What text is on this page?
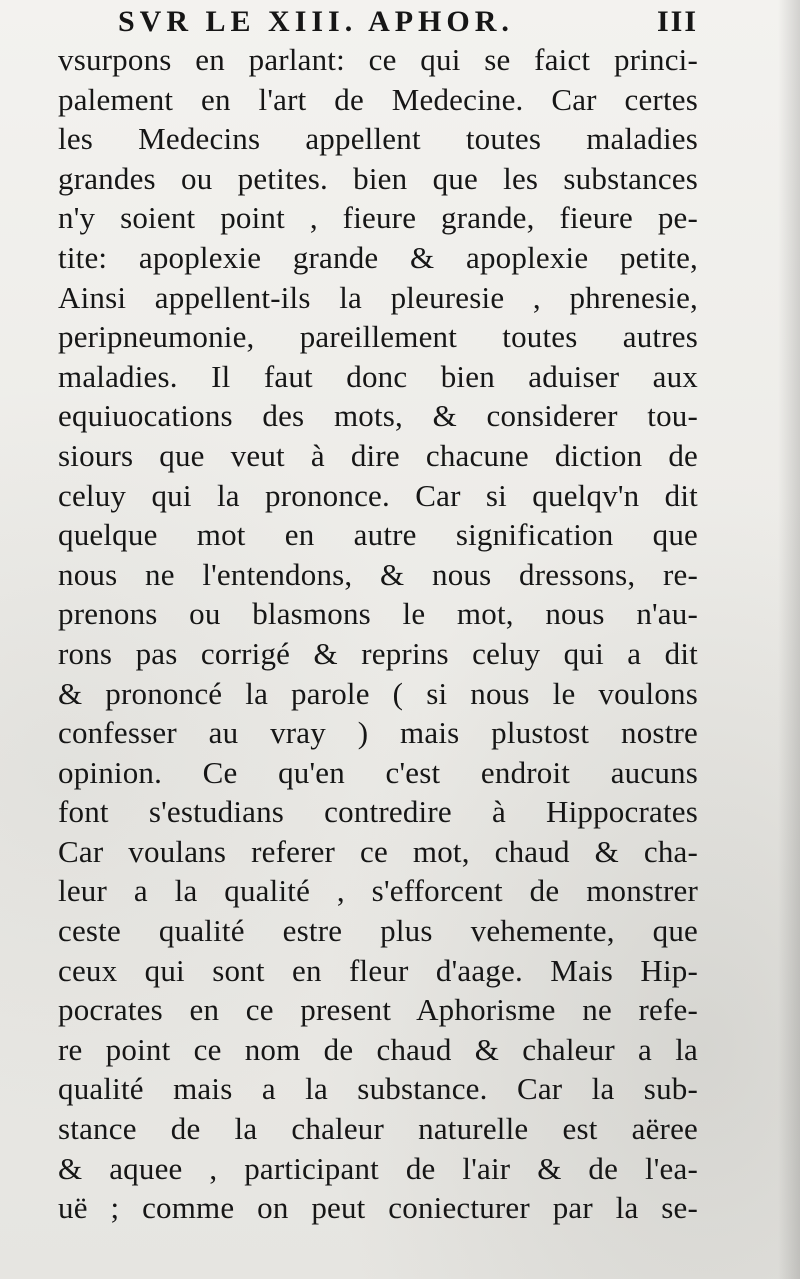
SVR LE XIII. APHOR.	III
vsurpons en parlant: ce qui se faict princi-
palement en l'art de Medecine. Car certes
les Medecins appellent toutes maladies
grandes ou petites. bien que les substances
n'y soient point , fieure grande, fieure pe-
tite: apoplexie grande & apoplexie petite,
Ainsi appellent-ils la pleuresie , phrenesie,
peripneumonie, pareillement toutes autres
maladies. Il faut donc bien aduiser aux
equiuocations des mots, & considerer tou-
siours que veut à dire chacune diction de
celuy qui la prononce. Car si quelqv'n dit
quelque mot en autre signification que
nous ne l'entendons, & nous dressons, re-
prenons ou blasmons le mot, nous n'au-
rons pas corrigé & reprins celuy qui a dit
& prononcé la parole ( si nous le voulons
confesser au vray ) mais plustost nostre
opinion. Ce qu'en c'est endroit aucuns
font s'estudians contredire à Hippocrates
Car voulans referer ce mot, chaud & cha-
leur a la qualité , s'efforcent de monstrer
ceste qualité estre plus vehemente, que
ceux qui sont en fleur d'aage. Mais Hip-
pocrates en ce present Aphorisme ne refe-
re point ce nom de chaud & chaleur a la
qualité mais a la substance. Car la sub-
stance de la chaleur naturelle est aëree
& aquee , participant de l'air & de l'ea-
uë ; comme on peut coniecturer par la se-
